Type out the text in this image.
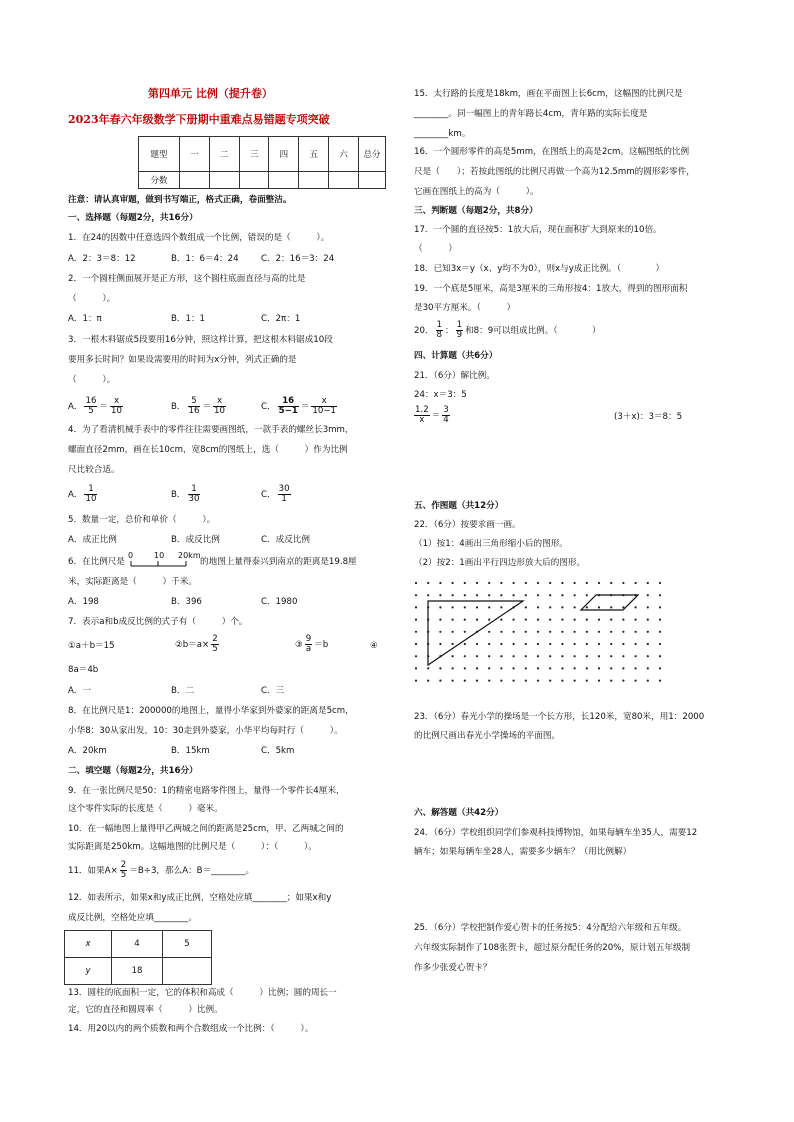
第四单元 比例（提升卷）
2023年春六年级数学下册期中重难点易错题专项突破
题型	一	二	三	四	五	六	总分
分数							
注意：请认真审题，做到书写端正，格式正确，卷面整洁。
一、选择题（每题2分，共16分）
1．在24的因数中任意选四个数组成一个比例，错误的是（　　　）。
A．2：3＝8：12	B．1：6＝4：24	C．2：16＝3：24
2．一个圆柱侧面展开是正方形，这个圆柱底面直径与高的比是
（　　　）。
A．1：π	B．1：1	C．2π：1
3．一根木料锯成5段要用16分钟，照这样计算，把这根木料锯成10段
要用多长时间？如果设需要用的时间为x分钟，列式正确的是
（　　　）。
A． $\frac{16}{5} = \frac{x}{10}$	B． $\frac{5}{16} = \frac{x}{10}$	C． $\frac{16}{5-1} = \frac{x}{10-1}$
4．为了看清机械手表中的零件往往需要画图纸，一款手表的螺丝长3mm，
螺面直径2mm，画在长10cm，宽8cm的图纸上，选（　　　）作为比例
尺比较合适。
A． $\frac{1}{10}$	B． $\frac{1}{30}$	C． $\frac{30}{1}$
5．数量一定，总价和单价（　　　）。
A．成正比例	B．成反比例	C．成反比例
6．在比例尺是
0	10 20km
的地图上量得泰兴到南京的距离是19.8厘
米，实际距离是（　　　）千米。
A．198	B．396	C．1980
7．表示a和b成反比例的式子有（　　　）个。
①a＋b＝15	②b＝a× $\frac{2}{5}$	③ $\frac{9}{a} =b$	④
8a＝4b
A．一	B．二	C．三
8．在比例尺是1：200000的地图上，量得小华家到外婆家的距离是5cm，
小华8：30从家出发，10：30走到外婆家，小华平均每时行（　　　）。
A．20km	B．15km	C．5km
二、填空题（每题2分，共16分）
9．在一张比例尺是50：1的精密电路零件图上，量得一个零件长4厘米，
这个零件实际的长度是（　　　）毫米。
10．在一幅地图上量得甲乙两城之间的距离是25cm，甲、乙两城之间的
实际距离是250km。这幅地图的比例尺是（　　　）：（　　　）。
11．如果$A\times \frac{2}{5} =B\div 3$，那么A：B＝________。
12．如表所示，如果x和y成正比例，空格处应填________；如果x和y
成反比例，空格处应填________。
x	4	5
y	18	
13．圆柱的底面积一定，它的体积和高成（　　　）比例；圆的周长一
定，它的直径和圆周率（　　　）比例。
14．用20以内的两个质数和两个合数组成一个比例：（　　　）。
15．太行路的长度是18km，画在平面图上长6cm，这幅图的比例尺是
________。同一幅图上的青年路长4cm，青年路的实际长度是
________km。
16．一个圆形零件的高是5mm，在图纸上的高是2cm。这幅图纸的比例
尺是（　　）；若按此图纸的比例尺再做一个高为12.5mm的圆形彩零件，
它画在图纸上的高为（　　　）。
三、判断题（每题2分，共8分）
17．一个圆的直径按5：1放大后，现在面积扩大到原来的10倍。
（　　　）
18．已知3x＝y（x、y均不为0），则x与y成正比例。（　　　　）
19．一个底是5厘米，高是3厘米的三角形按4：1放大，得到的图形面积
是30平方厘米。（　　　）
20． $\frac{1}{8}$ ： $\frac{1}{9}$ 和8：9可以组成比例。（　　　　）
四、计算题（共6分）
21．（6分）解比例。
24：x＝3：5
$\frac{1.2}{x} = \frac{3}{4}$	(3＋x)：3＝8：5
五、作图题（共12分）
22．（6分）按要求画一画。
（1）按1：4画出三角形缩小后的图形。
（2）按2：1画出平行四边形放大后的图形。
23．（6分）春光小学的操场是一个长方形，长120米，宽80米，用1：2000
的比例尺画出春光小学操场的平面图。
六、解答题（共42分）
24．（6分）学校组织同学们参观科技博物馆，如果每辆车坐35人，需要12
辆车；如果每辆车坐28人，需要多少辆车？（用比例解）
25．（6分）学校把制作爱心贺卡的任务按5：4分配给六年级和五年级。
六年级实际制作了108张贺卡，超过原分配任务的20%，原计划五年级制
作多少张爱心贺卡？
